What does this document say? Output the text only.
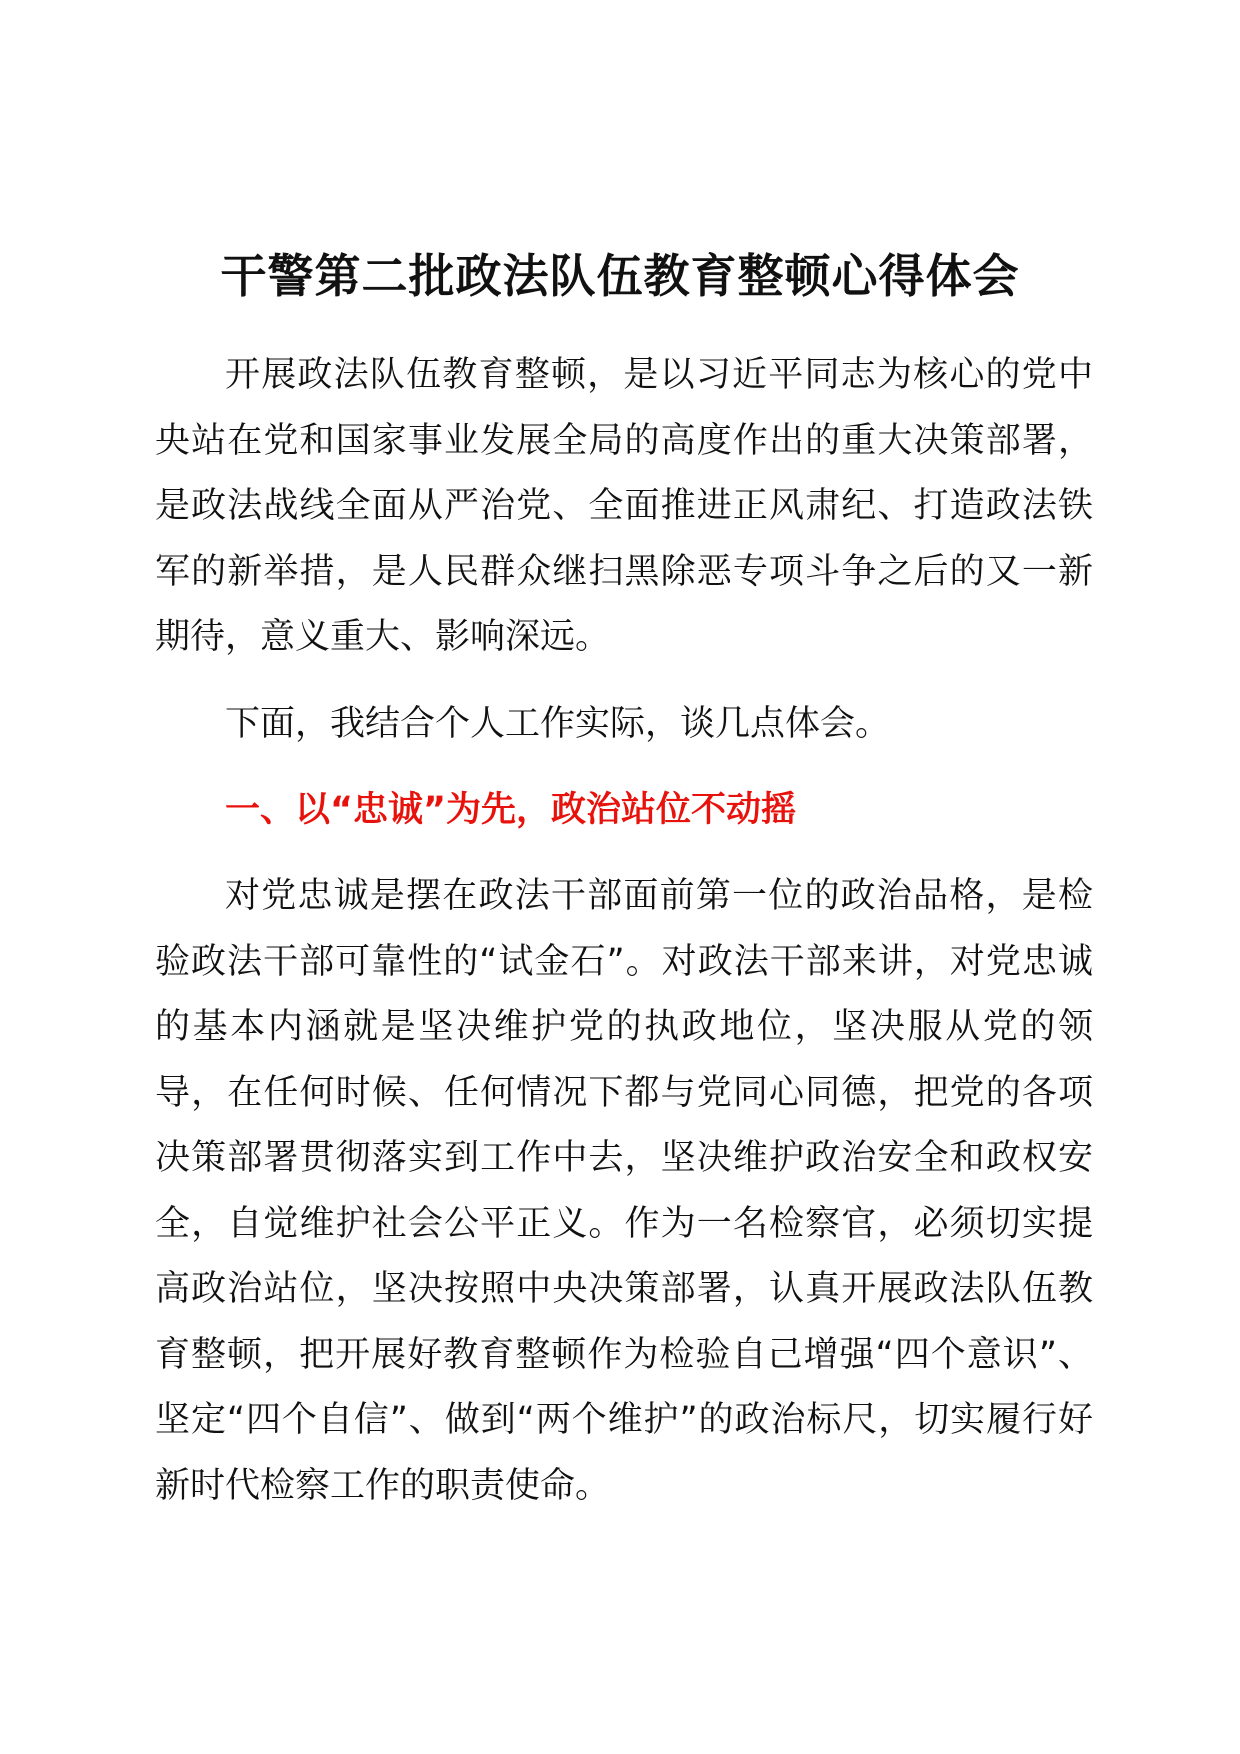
干警第二批政法队伍教育整顿心得体会

开展政法队伍教育整顿，是以习近平同志为核心的党中央站在党和国家事业发展全局的高度作出的重大决策部署，是政法战线全面从严治党、全面推进正风肃纪、打造政法铁军的新举措，是人民群众继扫黑除恶专项斗争之后的又一新期待，意义重大、影响深远。

下面，我结合个人工作实际，谈几点体会。

一、以“忠诚”为先，政治站位不动摇

对党忠诚是摆在政法干部面前第一位的政治品格，是检验政法干部可靠性的“试金石”。对政法干部来讲，对党忠诚的基本内涵就是坚决维护党的执政地位，坚决服从党的领导，在任何时候、任何情况下都与党同心同德，把党的各项决策部署贯彻落实到工作中去，坚决维护政治安全和政权安全，自觉维护社会公平正义。作为一名检察官，必须切实提高政治站位，坚决按照中央决策部署，认真开展政法队伍教育整顿，把开展好教育整顿作为检验自己增强“四个意识”、坚定“四个自信”、做到“两个维护”的政治标尺，切实履行好新时代检察工作的职责使命。
